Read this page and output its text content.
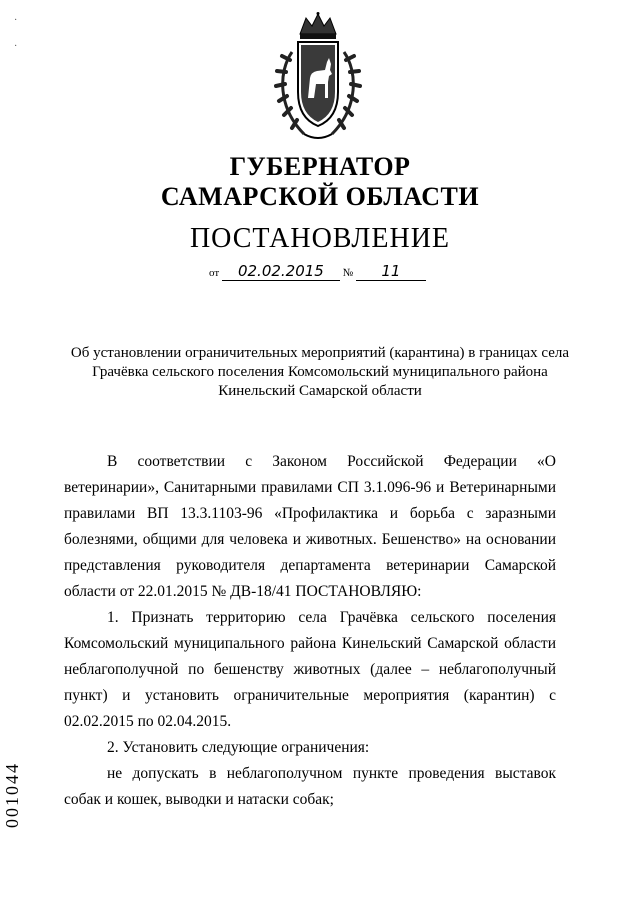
·
·
ГУБЕРНАТОР
САМАРСКОЙ ОБЛАСТИ
ПОСТАНОВЛЕНИЕ
от 02.02.2015 № 11
Об установлении ограничительных мероприятий (карантина) в границах села Грачёвка сельского поселения Комсомольский муниципального района Кинельский Самарской области

В соответствии с Законом Российской Федерации «О ветеринарии», Санитарными правилами СП 3.1.096-96 и Ветеринарными правилами ВП 13.3.1103-96 «Профилактика и борьба с заразными болезнями, общими для человека и животных. Бешенство» на основании представления руководителя департамента ветеринарии Самарской области от 22.01.2015 № ДВ-18/41 ПОСТАНОВЛЯЮ:

1. Признать территорию села Грачёвка сельского поселения Комсомольский муниципального района Кинельский Самарской области неблагополучной по бешенству животных (далее – неблагополучный пункт) и установить ограничительные мероприятия (карантин) с 02.02.2015 по 02.04.2015.

2. Установить следующие ограничения:

не допускать в неблагополучном пункте проведения выставок собак и кошек, выводки и натаски собак;

001044
